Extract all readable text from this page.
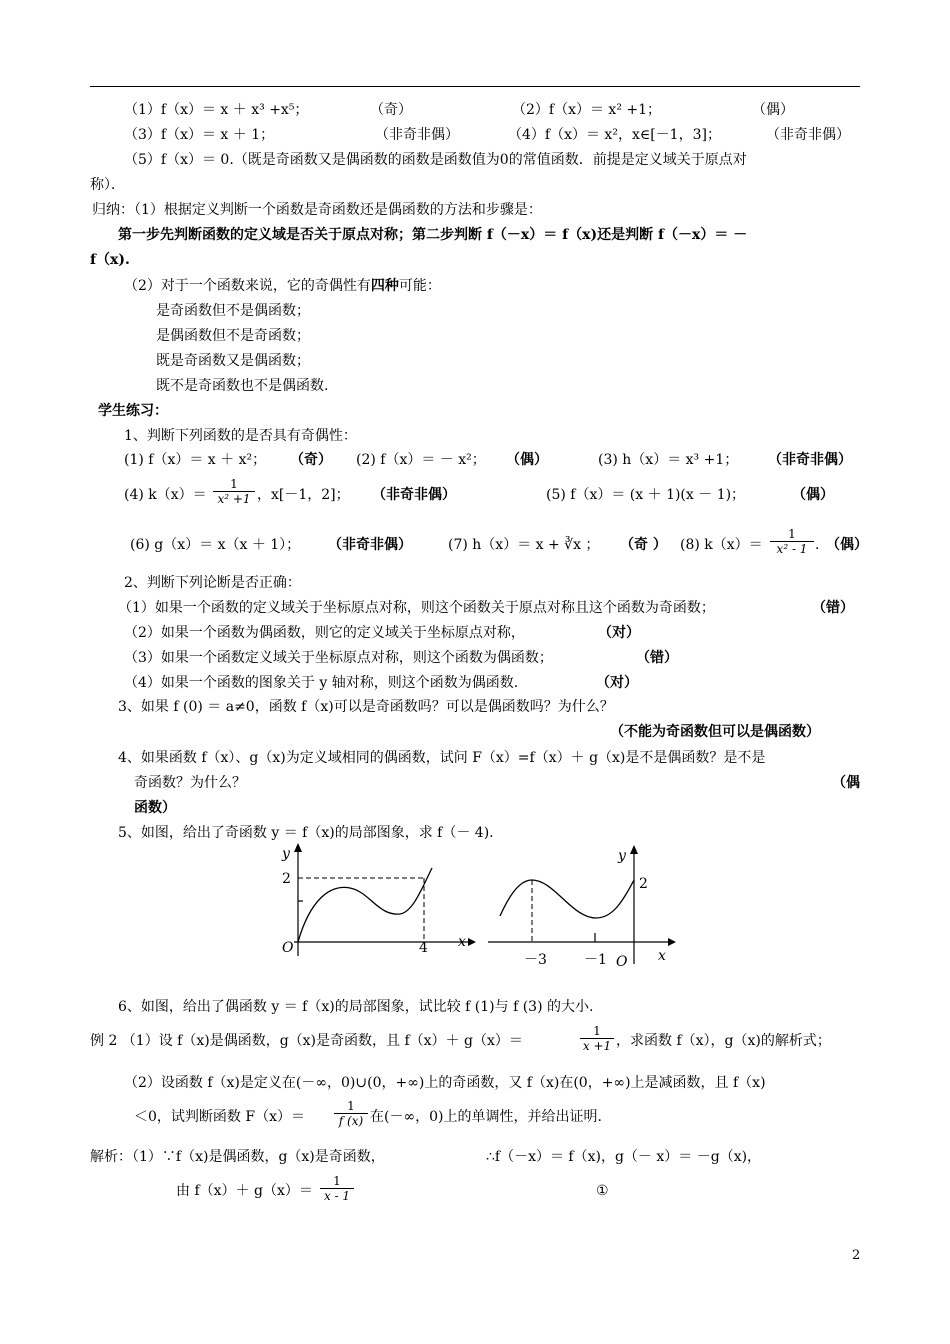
（1）f（x）＝ x ＋ x³ +x⁵；	（奇）	（2）f（x）＝ x² +1；	（偶）
（3）f（x）＝ x ＋ 1；	（非奇非偶）	（4）f（x）＝ x²，x∈[－1，3]；	（非奇非偶）
（5）f（x）＝ 0.（既是奇函数又是偶函数的函数是函数值为0的常值函数．前提是定义域关于原点对
称）．
归纳：（1）根据定义判断一个函数是奇函数还是偶函数的方法和步骤是：
第一步先判断函数的定义域是否关于原点对称；第二步判断 f（－x）＝ f（x)还是判断 f（－x）＝ －
f（x).
（2）对于一个函数来说，它的奇偶性有四种可能：
是奇函数但不是偶函数；
是偶函数但不是奇函数；
既是奇函数又是偶函数；
既不是奇函数也不是偶函数.
学生练习：
1、判断下列函数的是否具有奇偶性：
(1) f（x）＝ x ＋ x²； （奇） (2) f（x）＝ － x²； （偶）	(3) h（x）＝ x³ +1； （非奇非偶）
(4) $k(x)= \frac{1}{\text{x² +1}}$ ，x[－1，2]； （非奇非偶）	(5) f（x）＝ (x ＋ 1)(x － 1)；	（偶）
(6) g（x）＝ x（x ＋ 1）； （非奇非偶）	(7) h（x）＝ x + ∛x ； （奇 ） (8) $k(x)= \frac{1}{\text{x² - 1}}$ . （偶）
2、判断下列论断是否正确：
（1）如果一个函数的定义域关于坐标原点对称，则这个函数关于原点对称且这个函数为奇函数；	（错）
（2）如果一个函数为偶函数，则它的定义域关于坐标原点对称，	（对）
（3）如果一个函数定义域关于坐标原点对称，则这个函数为偶函数；	（错）
（4）如果一个函数的图象关于 y 轴对称，则这个函数为偶函数.	（对）
3、如果 f (0) ＝ a≠0，函数 f（x)可以是奇函数吗？可以是偶函数吗？为什么？
（不能为奇函数但可以是偶函数）
4、如果函数 f（x）、g（x)为定义域相同的偶函数，试问 F（x）=f（x）＋ g（x)是不是偶函数？是不是
奇函数？为什么？	（偶
函数）
5、如图，给出了奇函数 y ＝ f（x)的局部图象，求 f（－ 4).
y
2
O	4 x
y
2
－3	－1 O x
6、如图，给出了偶函数 y ＝ f（x)的局部图象，试比较 f (1)与 f (3) 的大小.
例 2 （1）设 f（x)是偶函数，g（x)是奇函数，且 f（x）＋ g（x）＝	$\frac{1}{x +1}$ ，求函数 f（x），g（x)的解析式；
（2）设函数 f（x)是定义在(－∞，0)∪(0，+∞)上的奇函数，又 f（x)在(0，+∞)上是减函数，且 f（x)
＜0，试判断函数 $F(x)= \frac{1}{f (x)}$ 在(－∞，0)上的单调性，并给出证明.
解析：（1）∵f（x)是偶函数，g（x)是奇函数，	∴f（－x）＝ f（x)，g（－ x）＝ －g（x)，
由 $f(x)+ g(x)= \frac{1}{x - 1}$	①
2
